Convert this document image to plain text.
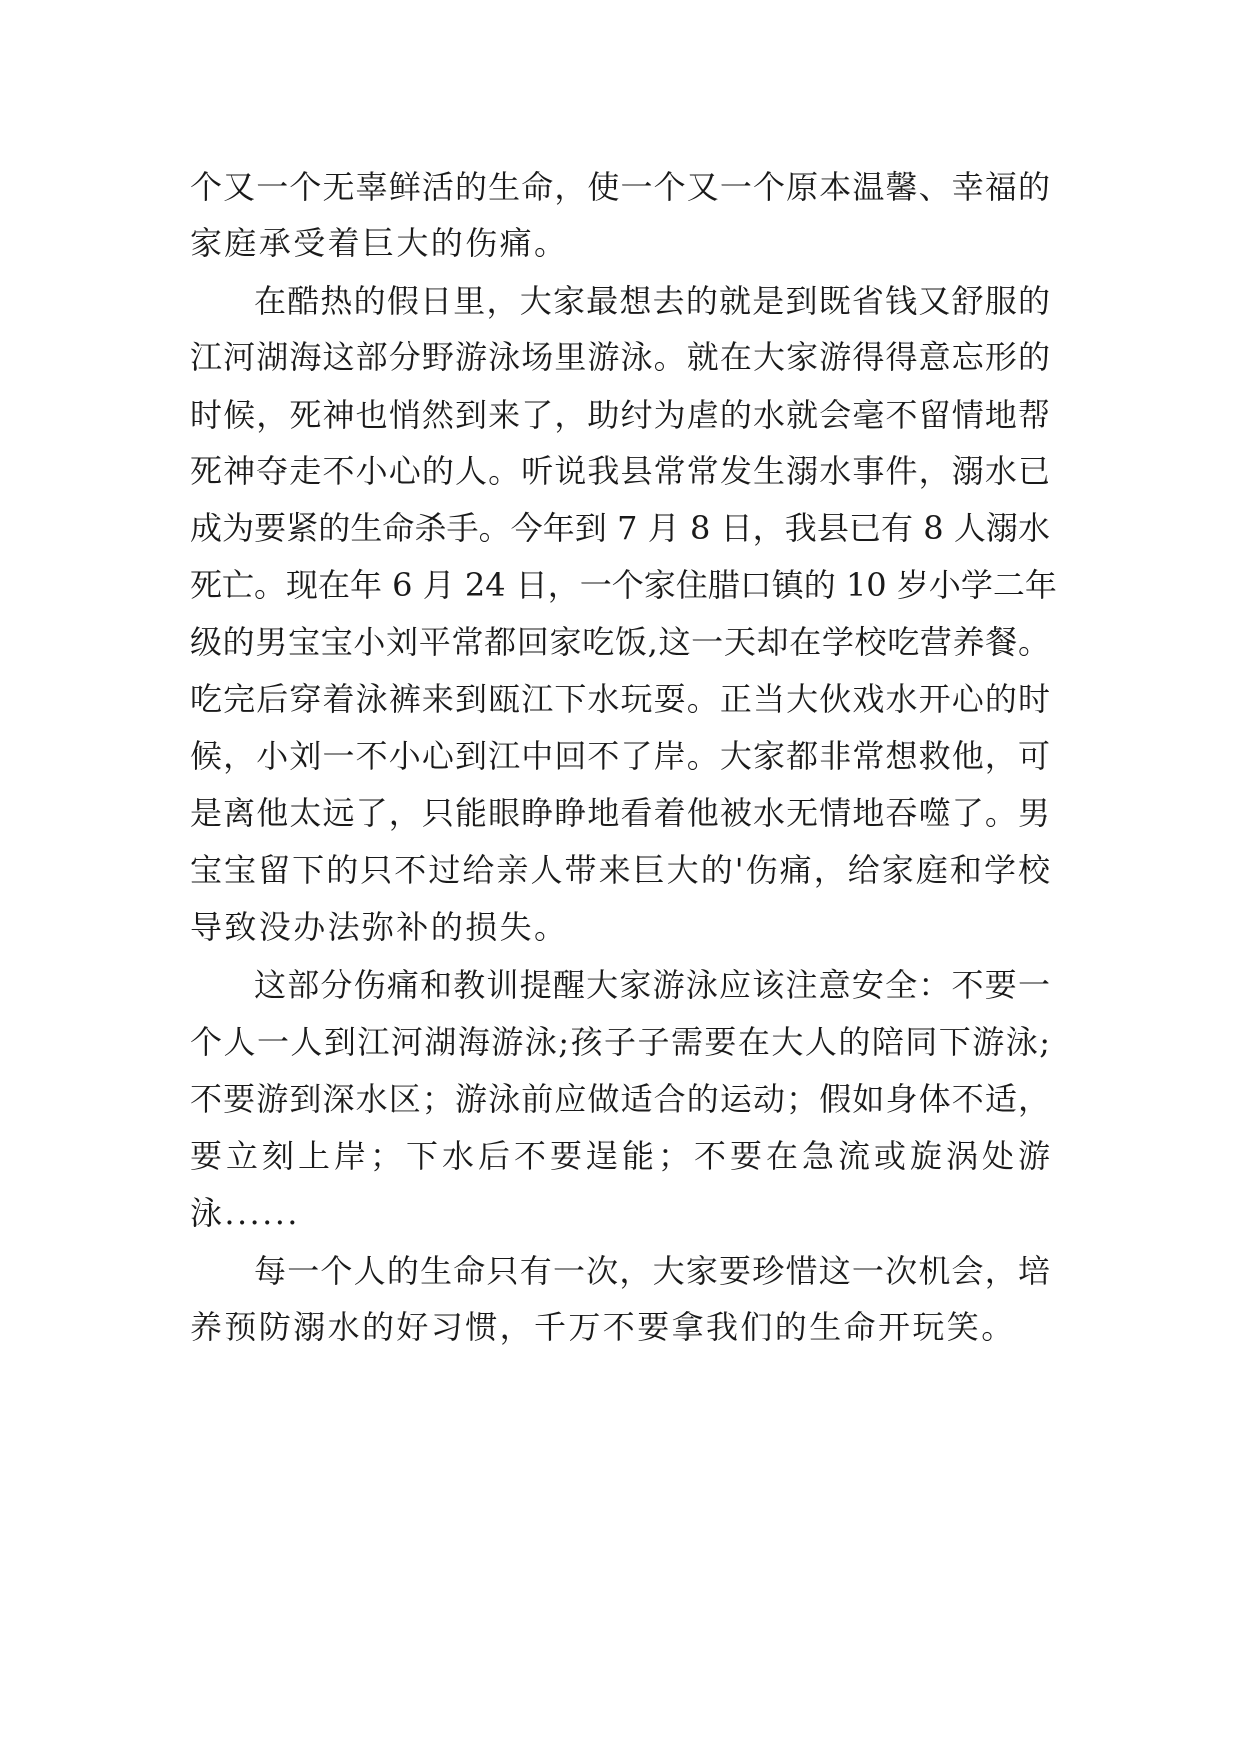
个又一个无辜鲜活的生命，使一个又一个原本温馨、幸福的
家庭承受着巨大的伤痛。
在酷热的假日里，大家最想去的就是到既省钱又舒服的
江河湖海这部分野游泳场里游泳。就在大家游得得意忘形的
时候，死神也悄然到来了，助纣为虐的水就会毫不留情地帮
死神夺走不小心的人。听说我县常常发生溺水事件，溺水已
成为要紧的生命杀手。今年到 7 月 8 日，我县已有 8 人溺水
死亡。现在年 6 月 24 日，一个家住腊口镇的 10 岁小学二年
级的男宝宝小刘平常都回家吃饭,这一天却在学校吃营养餐。
吃完后穿着泳裤来到瓯江下水玩耍。正当大伙戏水开心的时
候，小刘一不小心到江中回不了岸。大家都非常想救他，可
是离他太远了，只能眼睁睁地看着他被水无情地吞噬了。男
宝宝留下的只不过给亲人带来巨大的'伤痛，给家庭和学校
导致没办法弥补的损失。
这部分伤痛和教训提醒大家游泳应该注意安全：不要一
个人一人到江河湖海游泳;孩子子需要在大人的陪同下游泳;
不要游到深水区；游泳前应做适合的运动；假如身体不适，
要立刻上岸；下水后不要逞能；不要在急流或旋涡处游
泳......
每一个人的生命只有一次，大家要珍惜这一次机会，培
养预防溺水的好习惯，千万不要拿我们的生命开玩笑。
